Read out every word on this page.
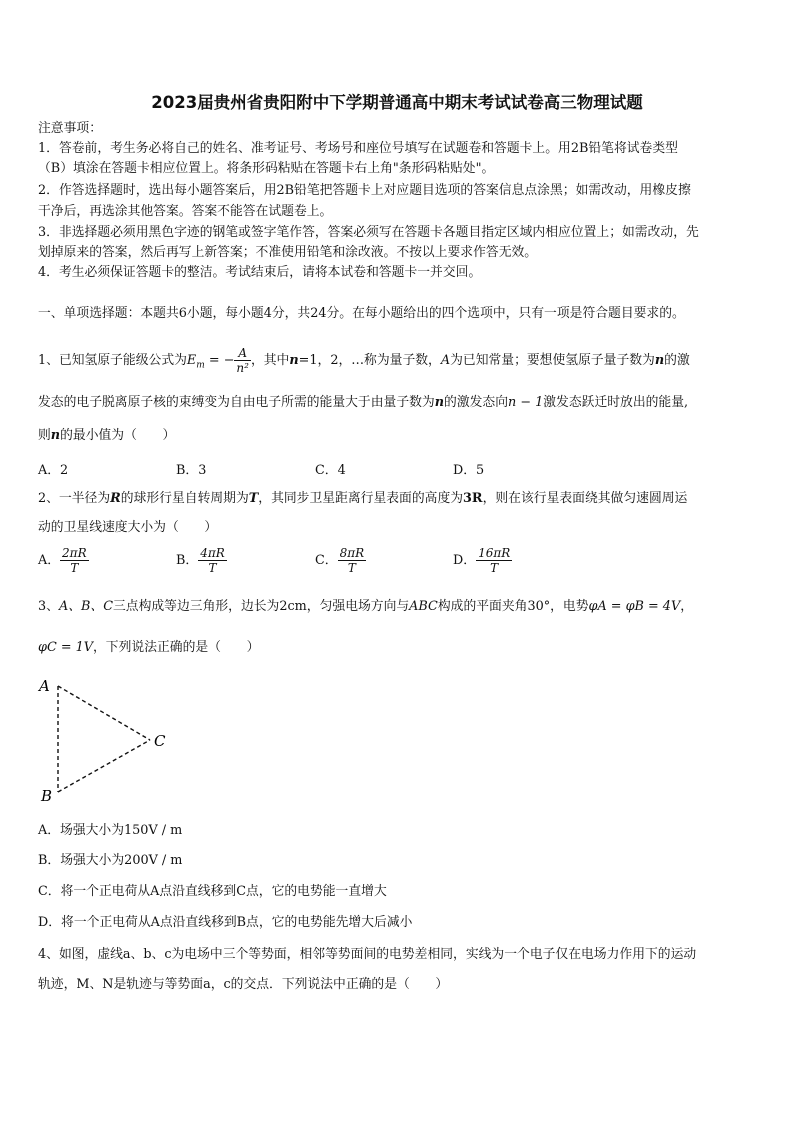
2023届贵州省贵阳附中下学期普通高中期末考试试卷高三物理试题
注意事项：
1．答卷前，考生务必将自己的姓名、准考证号、考场号和座位号填写在试题卷和答题卡上。用2B铅笔将试卷类型
（B）填涂在答题卡相应位置上。将条形码粘贴在答题卡右上角"条形码粘贴处"。
2．作答选择题时，选出每小题答案后，用2B铅笔把答题卡上对应题目选项的答案信息点涂黑；如需改动，用橡皮擦
干净后，再选涂其他答案。答案不能答在试题卷上。
3．非选择题必须用黑色字迹的钢笔或签字笔作答，答案必须写在答题卡各题目指定区域内相应位置上；如需改动，先
划掉原来的答案，然后再写上新答案；不准使用铅笔和涂改液。不按以上要求作答无效。
4．考生必须保证答题卡的整洁。考试结束后，请将本试卷和答题卡一并交回。
一、单项选择题：本题共6小题，每小题4分，共24分。在每小题给出的四个选项中，只有一项是符合题目要求的。
1、已知氢原子能级公式为$E_m$ = − $\frac{A}{\text{n²}}$ ，其中n=1，2，…称为量子数，A为已知常量；要想使氢原子量子数为n的激
发态的电子脱离原子核的束缚变为自由电子所需的能量大于由量子数为n的激发态向n − 1激发态跃迁时放出的能量,
则n的最小值为（　　）
A．2	B．3	C．4	D．5
2、一半径为R的球形行星自转周期为T，其同步卫星距离行星表面的高度为3R，则在该行星表面绕其做匀速圆周运
动的卫星线速度大小为（　　）
A． $\frac{2\pi R}{T}$	B． $\frac{4\pi R}{T}$	C． $\frac{8\pi R}{T}$	D． $\frac{16\pi R}{T}$
3、A、B、C三点构成等边三角形，边长为2cm，匀强电场方向与ABC构成的平面夹角30°，电势φA = φB = 4V，
φC = 1V，下列说法正确的是（　　）
A
B
C
A．场强大小为150V / m
B．场强大小为200V / m
C．将一个正电荷从A点沿直线移到C点，它的电势能一直增大
D．将一个正电荷从A点沿直线移到B点，它的电势能先增大后减小
4、如图，虚线a、b、c为电场中三个等势面，相邻等势面间的电势差相同，实线为一个电子仅在电场力作用下的运动
轨迹，M、N是轨迹与等势面a，c的交点．下列说法中正确的是（　　）
